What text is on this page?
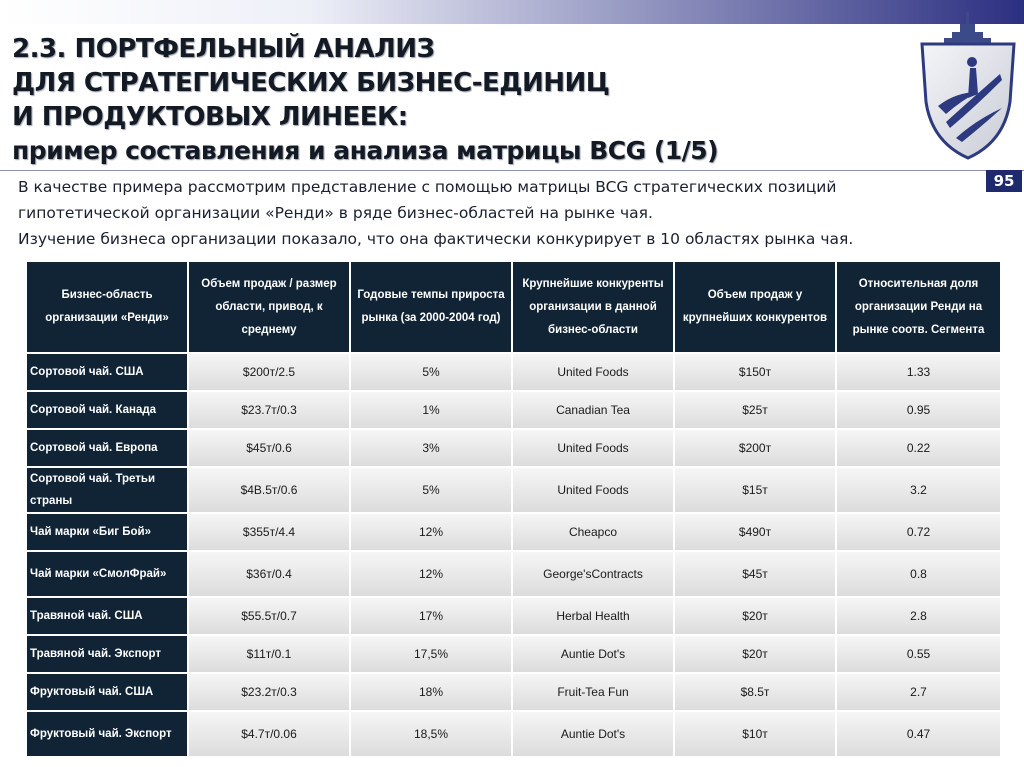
2.3. ПОРТФЕЛЬНЫЙ АНАЛИЗ
ДЛЯ СТРАТЕГИЧЕСКИХ БИЗНЕС-ЕДИНИЦ
И ПРОДУКТОВЫХ ЛИНЕЕК:
пример составления и анализа матрицы BCG (1/5)
95

В качестве примера рассмотрим представление с помощью матрицы BCG стратегических позиций

гипотетической организации «Ренди» в ряде бизнес-областей на рынке чая.

Изучение бизнеса организации показало, что она фактически конкурирует в 10 областях рынка чая.

Бизнес-область организации «Ренди»	Объем продаж / размер области, привод, к среднему	Годовые темпы прироста рынка (за 2000-2004 год)	Крупнейшие конкуренты организации в данной бизнес-области	Объем продаж у крупнейших конкурентов	Относительная доля организации Ренди на рынке соотв. Сегмента
Сортовой чай. США	$200т/2.5	5%	United Foods	$150т	1.33
Сортовой чай. Канада	$23.7т/0.3	1%	Canadian Tea	$25т	0.95
Сортовой чай. Европа	$45т/0.6	3%	United Foods	$200т	0.22
Сортовой чай. Третьи страны	$4B.5т/0.6	5%	United Foods	$15т	3.2
Чай марки «Биг Бой»	$355т/4.4	12%	Cheapco	$490т	0.72
Чай марки «СмолФрай»	$36т/0.4	12%	George'sContracts	$45т	0.8
Травяной чай. США	$55.5т/0.7	17%	Herbal Health	$20т	2.8
Травяной чай. Экспорт	$11т/0.1	17,5%	Auntie Dot's	$20т	0.55
Фруктовый чай. США	$23.2т/0.3	18%	Fruit-Tea Fun	$8.5т	2.7
Фруктовый чай. Экспорт	$4.7т/0.06	18,5%	Auntie Dot's	$10т	0.47
